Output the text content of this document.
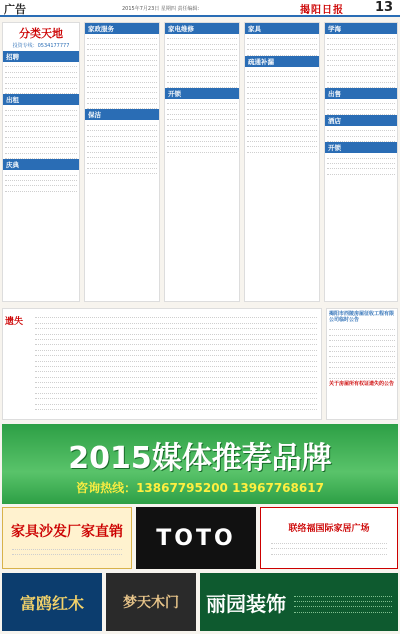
广告	2015年7月23日 星期四 责任编辑：	揭阳日报 13
分类天地
投资专线：0534177777
招聘
出租
庆典
家政服务
保洁
家电维修
开锁
家具
疏通补漏
学海
出售
酒店
开锁
遗失
揭阳市西陵房屋征收工程有限公司临时公告
关于房屋所有权证遗失的公告
2015媒体推荐品牌
咨询热线：13867795200 13967768617
家具沙发厂家直销 TOTO	联络福国际家居广场
富鸥红木	梦天木门	丽园装饰
